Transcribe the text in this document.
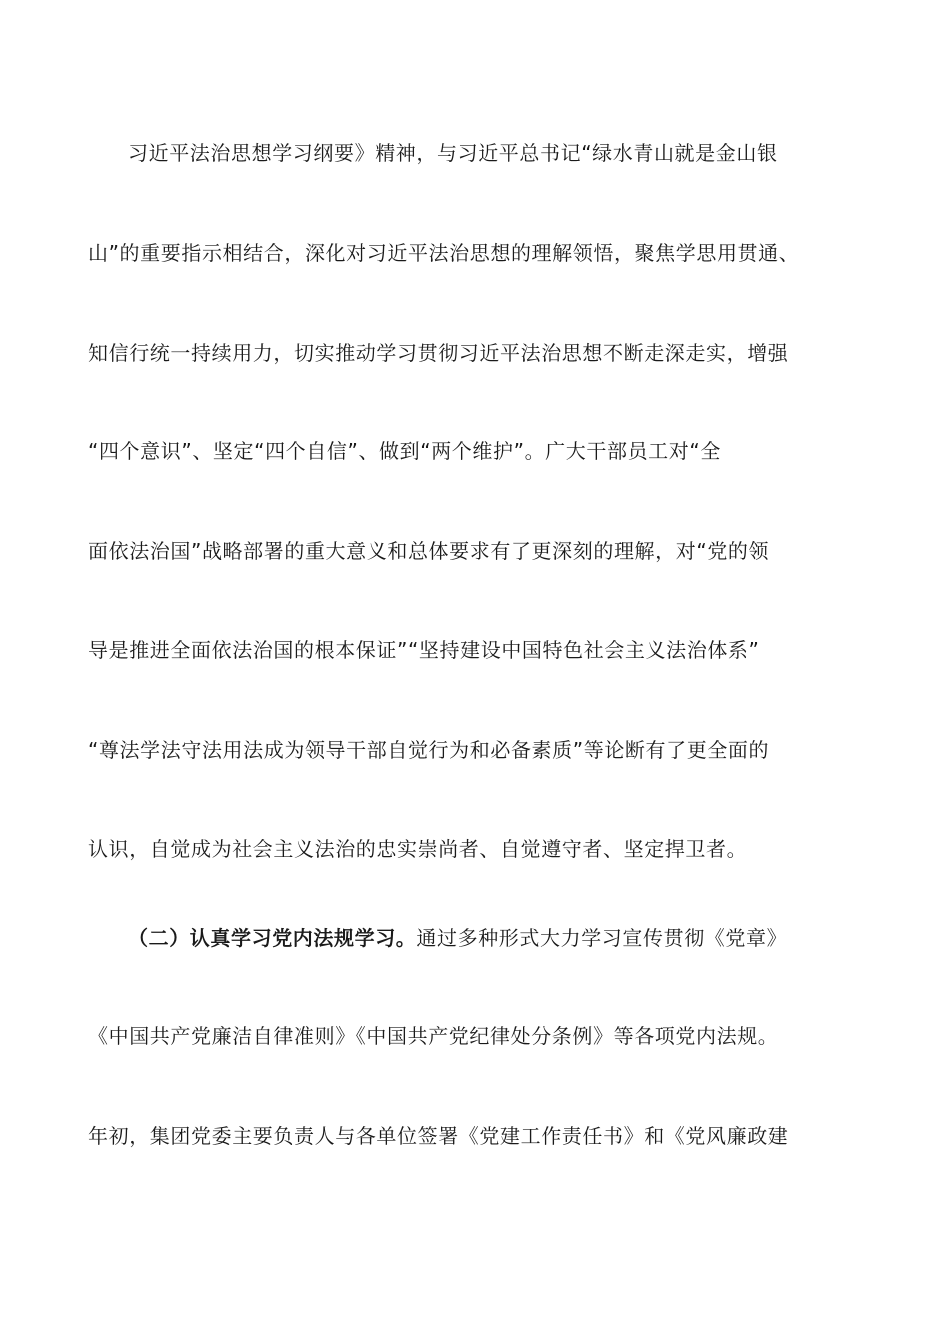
习近平法治思想学习纲要》精神，与习近平总书记“绿水青山就是金山银
山”的重要指示相结合，深化对习近平法治思想的理解领悟，聚焦学思用贯通、
知信行统一持续用力，切实推动学习贯彻习近平法治思想不断走深走实，增强
“四个意识”、坚定“四个自信”、做到“两个维护”。广大干部员工对“全
面依法治国”战略部署的重大意义和总体要求有了更深刻的理解，对“党的领
导是推进全面依法治国的根本保证”“坚持建设中国特色社会主义法治体系”
“尊法学法守法用法成为领导干部自觉行为和必备素质”等论断有了更全面的
认识，自觉成为社会主义法治的忠实崇尚者、自觉遵守者、坚定捍卫者。
（二）认真学习党内法规学习。通过多种形式大力学习宣传贯彻《党章》
《中国共产党廉洁自律准则》《中国共产党纪律处分条例》等各项党内法规。
年初，集团党委主要负责人与各单位签署《党建工作责任书》和《党风廉政建
